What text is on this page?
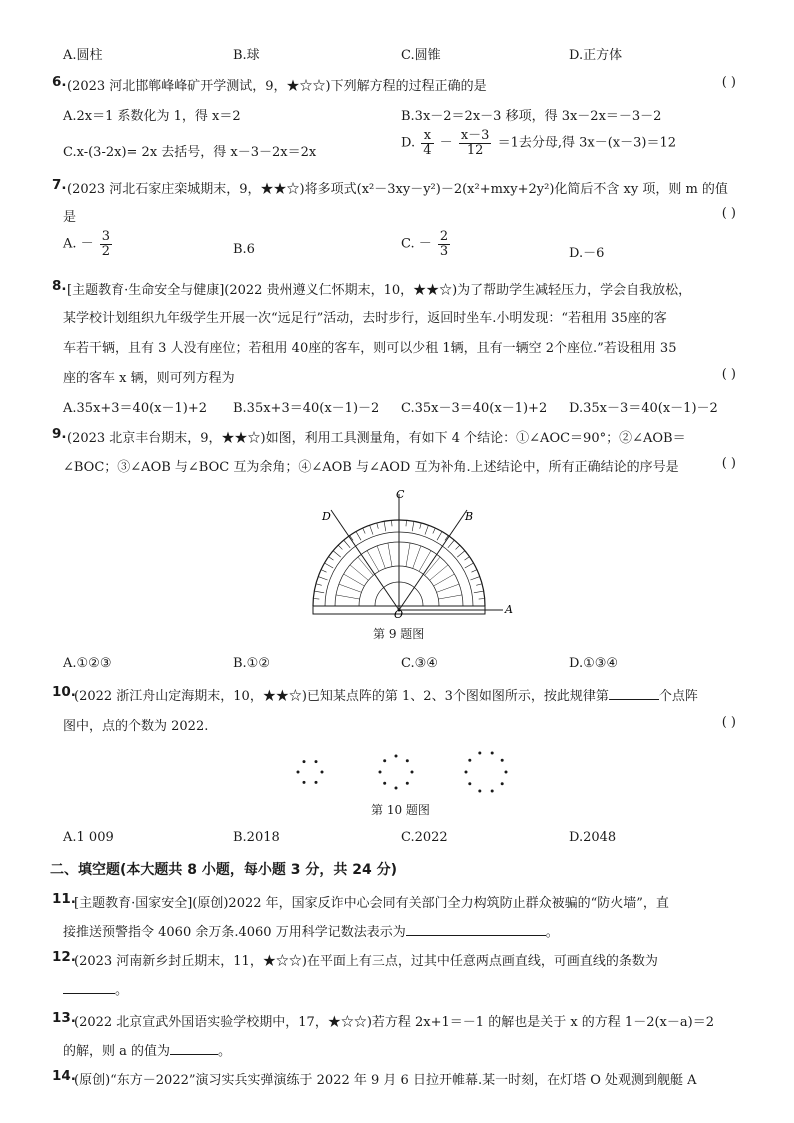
A.圆柱	B.球	C.圆锥	D.正方体
6. (2023 河北邯郸峰峰矿开学测试，9，★☆☆)下列解方程的过程正确的是	( )
A.2x＝1 系数化为 1，得 x＝2	B.3x－2＝2x－3 移项，得 3x－2x＝－3－2
C.x-(3-2x)= 2x 去括号，得 x－3－2x＝2x
D. $\frac{x}{4} - \frac{x-3}{12} =1$去分母,得 3x－(x－3)＝12
7. (2023 河北石家庄栾城期末，9，★★☆)将多项式(x²－3xy－y²)－2(x²+mxy+2y²)化简后不含 xy 项，则 m 的值
是	( )
A. － $\frac{3}{2}$	B.6	C. － $\frac{2}{3}$	D.－6
8. [主题教育·生命安全与健康](2022 贵州遵义仁怀期末，10，★★☆)为了帮助学生减轻压力，学会自我放松，
某学校计划组织九年级学生开展一次“远足行”活动，去时步行，返回时坐车.小明发现：“若租用 35座的客
车若干辆，且有 3 人没有座位；若租用 40座的客车，则可以少租 1辆，且有一辆空 2个座位.”若设租用 35
座的客车 x 辆，则可列方程为	( )
A.35x+3＝40(x－1)+2 B.35x+3＝40(x－1)－2 C.35x－3＝40(x－1)+2 D.35x－3＝40(x－1)－2
9. (2023 北京丰台期末，9，★★☆)如图，利用工具测量角，有如下 4 个结论：①∠AOC＝90°；②∠AOB＝
∠BOC；③∠AOB 与∠BOC 互为余角；④∠AOB 与∠AOD 互为补角.上述结论中，所有正确结论的序号是	( )
C
D	B
O	A
第 9 题图
A.①②③	B.①②	C.③④	D.①③④
10.
(2022 浙江舟山定海期末，10，★★☆)已知某点阵的第 1、2、3个图如图所示，按此规律第	个点阵
图中，点的个数为 2022.	( )
第 10 题图
A.1 009	B.2018	C.2022	D.2048
二、填空题(本大题共 8 小题，每小题 3 分，共 24 分)
11.
[主题教育·国家安全](原创)2022 年，国家反诈中心会同有关部门全力构筑防止群众被骗的“防火墙”，直
接推送预警指令 4060 余万条.4060 万用科学记数法表示为	。
12.
(2023 河南新乡封丘期末，11，★☆☆)在平面上有三点，过其中任意两点画直线，可画直线的条数为
。
13.
(2022 北京宣武外国语实验学校期中，17，★☆☆)若方程 2x+1＝－1 的解也是关于 x 的方程 1－2(x－a)＝2
的解，则 a 的值为	。
14.
(原创)“东方－2022”演习实兵实弹演练于 2022 年 9 月 6 日拉开帷幕.某一时刻，在灯塔 O 处观测到舰艇 A
